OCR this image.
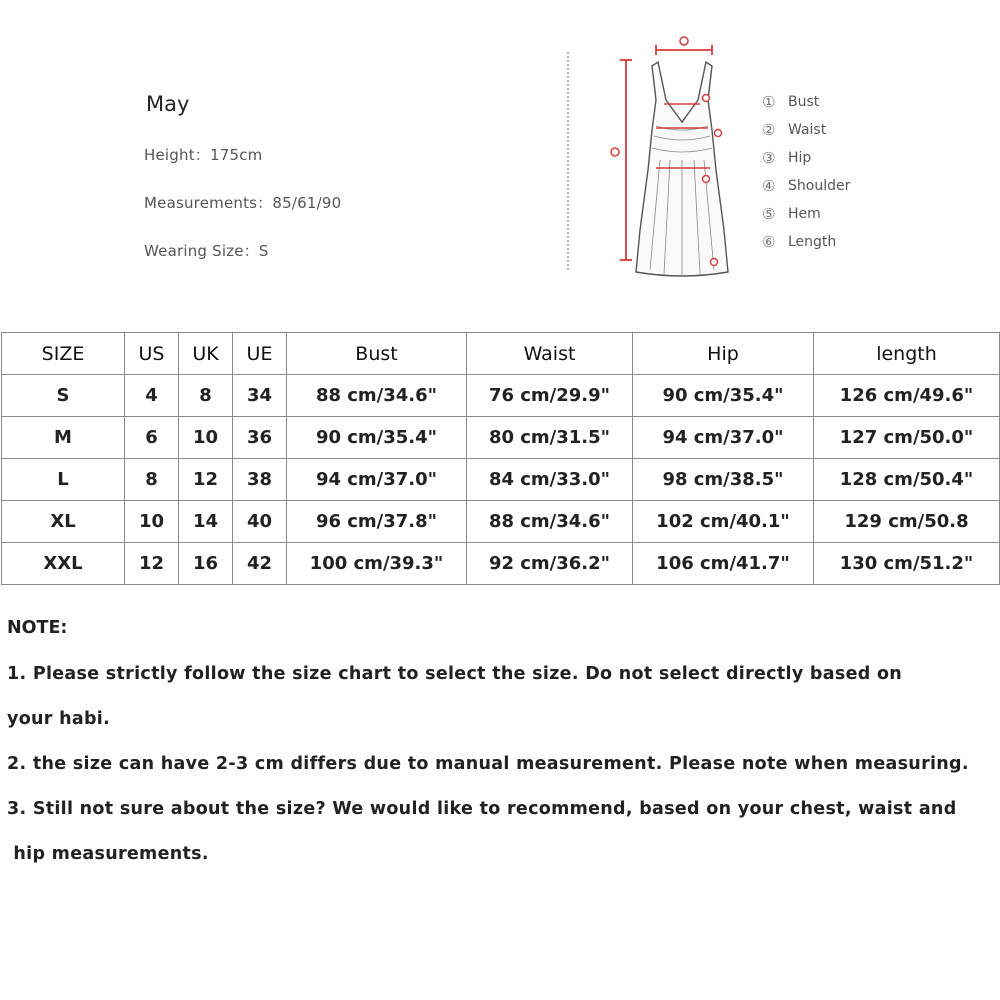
May
Height：175cm
Measurements：85/61/90
Wearing Size：S
① Bust
② Waist
③ Hip
④ Shoulder
⑤ Hem
⑥ Length
SIZE	US	UK	UE	Bust	Waist	Hip	length
S	4	8	34	88 cm/34.6"	76 cm/29.9"	90 cm/35.4"	126 cm/49.6"
M	6	10	36	90 cm/35.4"	80 cm/31.5"	94 cm/37.0"	127 cm/50.0"
L	8	12	38	94 cm/37.0"	84 cm/33.0"	98 cm/38.5"	128 cm/50.4"
XL	10	14	40	96 cm/37.8"	88 cm/34.6"	102 cm/40.1"	129 cm/50.8
XXL	12	16	42	100 cm/39.3"	92 cm/36.2"	106 cm/41.7"	130 cm/51.2"
NOTE:
1. Please strictly follow the size chart to select the size. Do not select directly based on
your habi.
2. the size can have 2-3 cm differs due to manual measurement. Please note when measuring.
3. Still not sure about the size? We would like to recommend, based on your chest, waist and
hip measurements.
